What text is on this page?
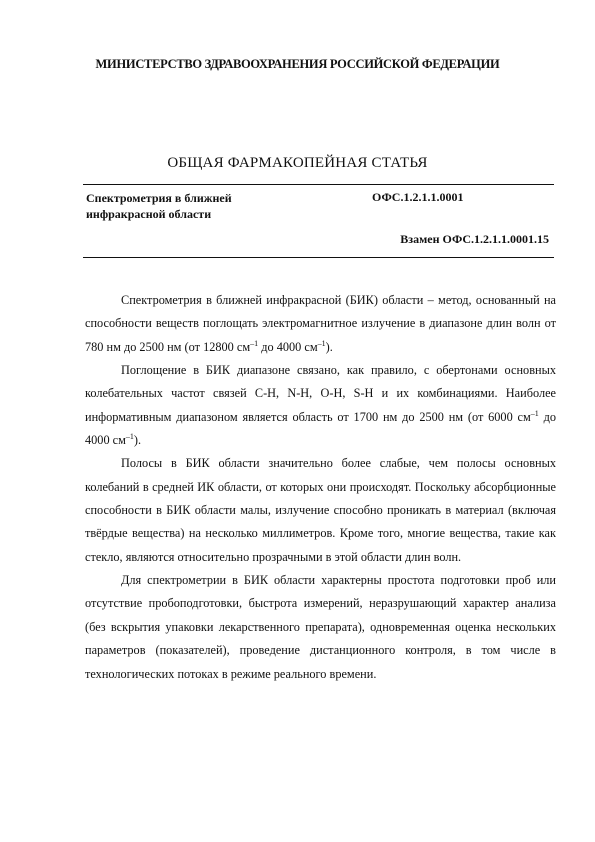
МИНИСТЕРСТВО ЗДРАВООХРАНЕНИЯ РОССИЙСКОЙ ФЕДЕРАЦИИ
ОБЩАЯ ФАРМАКОПЕЙНАЯ СТАТЬЯ
Спектрометрия в ближней
инфракрасной области
ОФС.1.2.1.1.0001
Взамен ОФС.1.2.1.1.0001.15

Спектрометрия в ближней инфракрасной (БИК) области – метод, основанный на способности веществ поглощать электромагнитное излучение в диапазоне длин волн от 780 нм до 2500 нм (от 12800 $см^{-1}$ до 4000 $см^{-1}$).

Поглощение в БИК диапазоне связано, как правило, с обертонами основных колебательных частот связей C-H, N-H, O-H, S-H и их комбинациями. Наиболее информативным диапазоном является область от 1700 нм до 2500 нм (от 6000 $см^{-1}$ до 4000 $см^{-1}$).

Полосы в БИК области значительно более слабые, чем полосы основных колебаний в средней ИК области, от которых они происходят. Поскольку абсорбционные способности в БИК области малы, излучение способно проникать в материал (включая твёрдые вещества) на несколько миллиметров. Кроме того, многие вещества, такие как стекло, являются относительно прозрачными в этой области длин волн.

Для спектрометрии в БИК области характерны простота подготовки проб или отсутствие пробоподготовки, быстрота измерений, неразрушающий характер анализа (без вскрытия упаковки лекарственного препарата), одновременная оценка нескольких параметров (показателей), проведение дистанционного контроля, в том числе в технологических потоках в режиме реального времени.
